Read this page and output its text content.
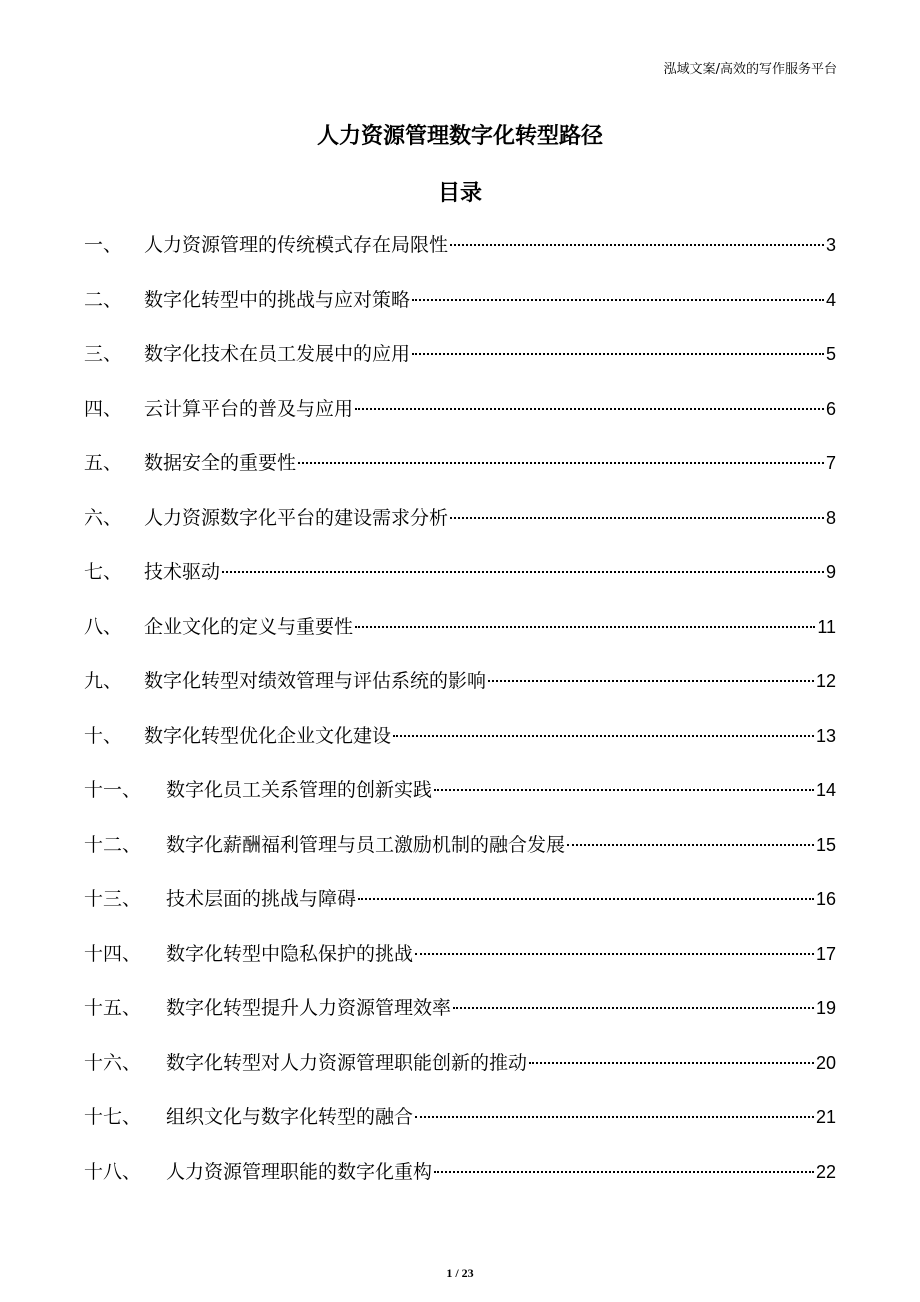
泓域文案/高效的写作服务平台
人力资源管理数字化转型路径
目录
一、	人力资源管理的传统模式存在局限性	3
二、	数字化转型中的挑战与应对策略	4
三、	数字化技术在员工发展中的应用	5
四、	云计算平台的普及与应用	6
五、	数据安全的重要性	7
六、	人力资源数字化平台的建设需求分析	8
七、	技术驱动	9
八、	企业文化的定义与重要性	11
九、	数字化转型对绩效管理与评估系统的影响	12
十、	数字化转型优化企业文化建设	13
十一、	数字化员工关系管理的创新实践	14
十二、	数字化薪酬福利管理与员工激励机制的融合发展	15
十三、	技术层面的挑战与障碍	16
十四、	数字化转型中隐私保护的挑战	17
十五、	数字化转型提升人力资源管理效率	19
十六、	数字化转型对人力资源管理职能创新的推动	20
十七、	组织文化与数字化转型的融合	21
十八、	人力资源管理职能的数字化重构	22
1 / 23
